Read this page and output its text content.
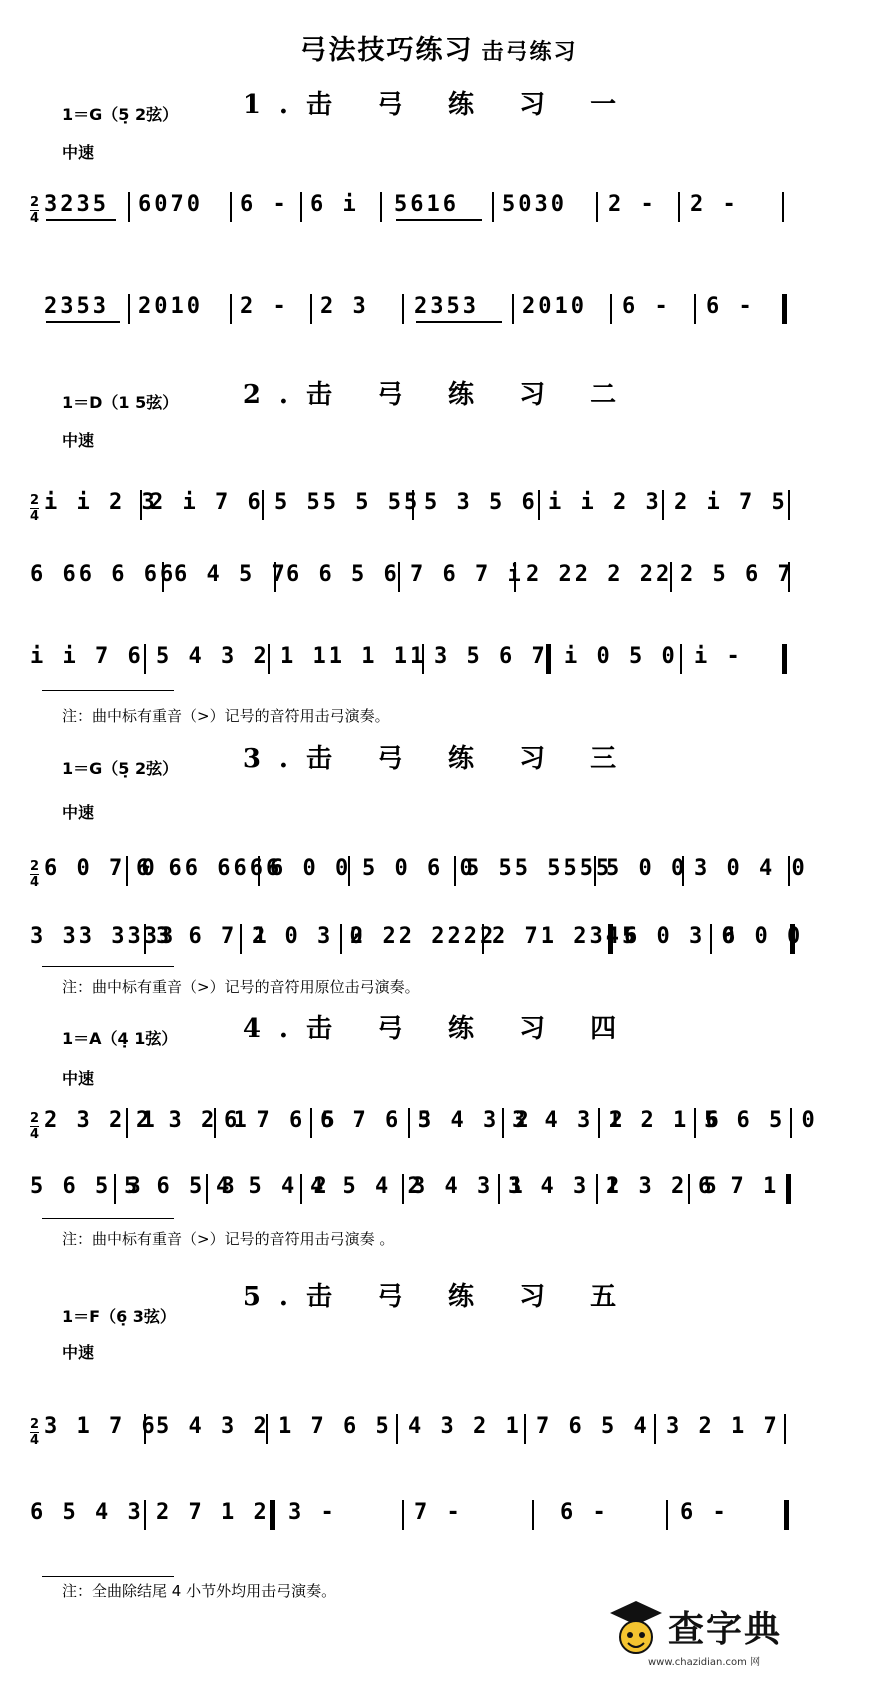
弓法技巧练习 击弓练习
1.击 弓 练 习 一
1＝G（5̣ 2弦）
中速
2
4
3235 6070 6 - 6 i 5616 5030 2 - 2 -
2353 2010 2 - 2 3 2353 2010 6 - 6 -
2.击 弓 练 习 二
1＝D（1 5弦）
中速
2
4
i i 2 3
2 i 7 6 5 55 5 55 5 3 5 6 i i 2 3 2 i 7 5
6 66 6 66
6 4 5 7
6 6 5 6 7 6 7 i 2 22 2 22 2 5 6 7
i i 7 6 5 4 3 2 1 11 1 11 3 5 6 7 i 0 5 0 i -
注：曲中标有重音（>）记号的音符用击弓演奏。
3.击 弓 练 习 三
1＝G（5̣ 2弦）
中速
2
4
6 0 7 0
6 66 6666
6 0 0 5 0 6 0
5 55 5555
5 0 0 3 0 4 0
3 33 3333
3 6 7 1
2 0 3 0
2 22 2222
2 71 2345
6 0 3 0
6 0 0
注：曲中标有重音（>）记号的音符用原位击弓演奏。
4.击 弓 练 习 四
1＝A（4̣ 1弦）
中速
2
4
2 3 2 1
2 3 2 1
6 7 6 5
6 7 6 5
3 4 3 2
3 4 3 2
1 2 1 6
5 6 5 0
5 6 5 3
5 6 5 3
4 5 4 2
4 5 4 2
3 4 3 1
3 4 3 1
2 3 2 5
6 7 1
注：曲中标有重音（>）记号的音符用击弓演奏 。
5.击 弓 练 习 五
1＝F（6̣ 3弦）
中速
2
4
3 1 7 6
5 4 3 2 1 7 6 5 4 3 2 1 7 6 5 4 3 2 1 7
6 5 4 3 2 7 1 2 3 -	7 -	6 -	6 -
注：全曲除结尾 4 小节外均用击弓演奏。
查字典
www.chazidian.com 网
